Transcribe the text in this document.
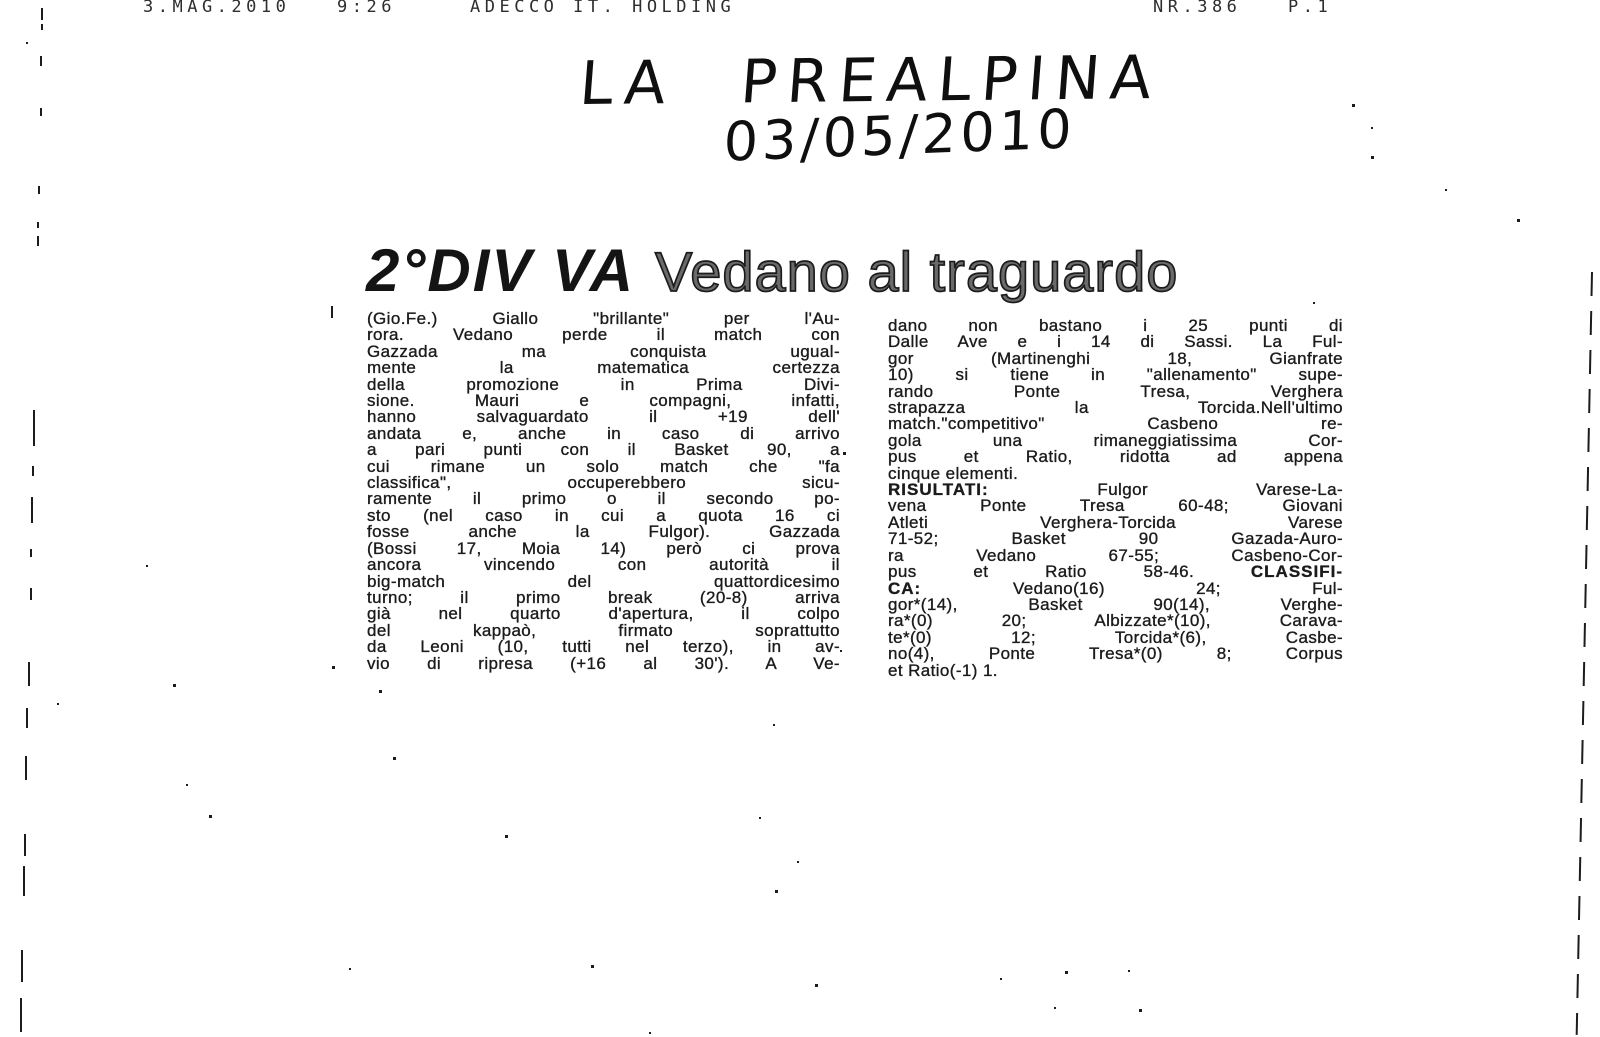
3.MAG.2010	9:26	ADECCO IT. HOLDING	NR.386	P.1
LA PREALPINA
03/05/2010
2°DIV VA Vedano al traguardo
(Gio.Fe.) Giallo "brillante" per l'Au-
rora. Vedano perde il match con
Gazzada ma conquista ugual-
mente la matematica certezza
della promozione in Prima Divi-
sione. Mauri e compagni, infatti,
hanno salvaguardato il +19 dell'
andata e, anche in caso di arrivo
a pari punti con il Basket 90, a
cui rimane un solo match che "fa
classifica", occuperebbero sicu-
ramente il primo o il secondo po-
sto (nel caso in cui a quota 16 ci
fosse anche la Fulgor). Gazzada
(Bossi 17, Moia 14) però ci prova
ancora vincendo con autorità il
big-match del quattordicesimo
turno; il primo break (20-8) arriva
già nel quarto d'apertura, il colpo
del kappaò, firmato soprattutto
da Leoni (10, tutti nel terzo), in av-
vio di ripresa (+16 al 30'). A Ve-
dano non bastano i 25 punti di
Dalle Ave e i 14 di Sassi. La Ful-
gor (Martinenghi 18, Gianfrate
10) si tiene in "allenamento" supe-
rando Ponte Tresa, Verghera
strapazza la Torcida.Nell'ultimo
match."competitivo" Casbeno re-
gola una rimaneggiatissima Cor-
pus et Ratio, ridotta ad appena
cinque elementi.
RISULTATI: Fulgor Varese-La-
vena Ponte Tresa 60-48; Giovani
Atleti Verghera-Torcida Varese
71-52; Basket 90 Gazada-Auro-
ra Vedano 67-55; Casbeno-Cor-
pus et Ratio 58-46. CLASSIFI-
CA: Vedano(16) 24; Ful-
gor*(14), Basket 90(14), Verghe-
ra*(0) 20; Albizzate*(10), Carava-
te*(0) 12; Torcida*(6), Casbe-
no(4), Ponte Tresa*(0) 8; Corpus
et Ratio(-1) 1.
